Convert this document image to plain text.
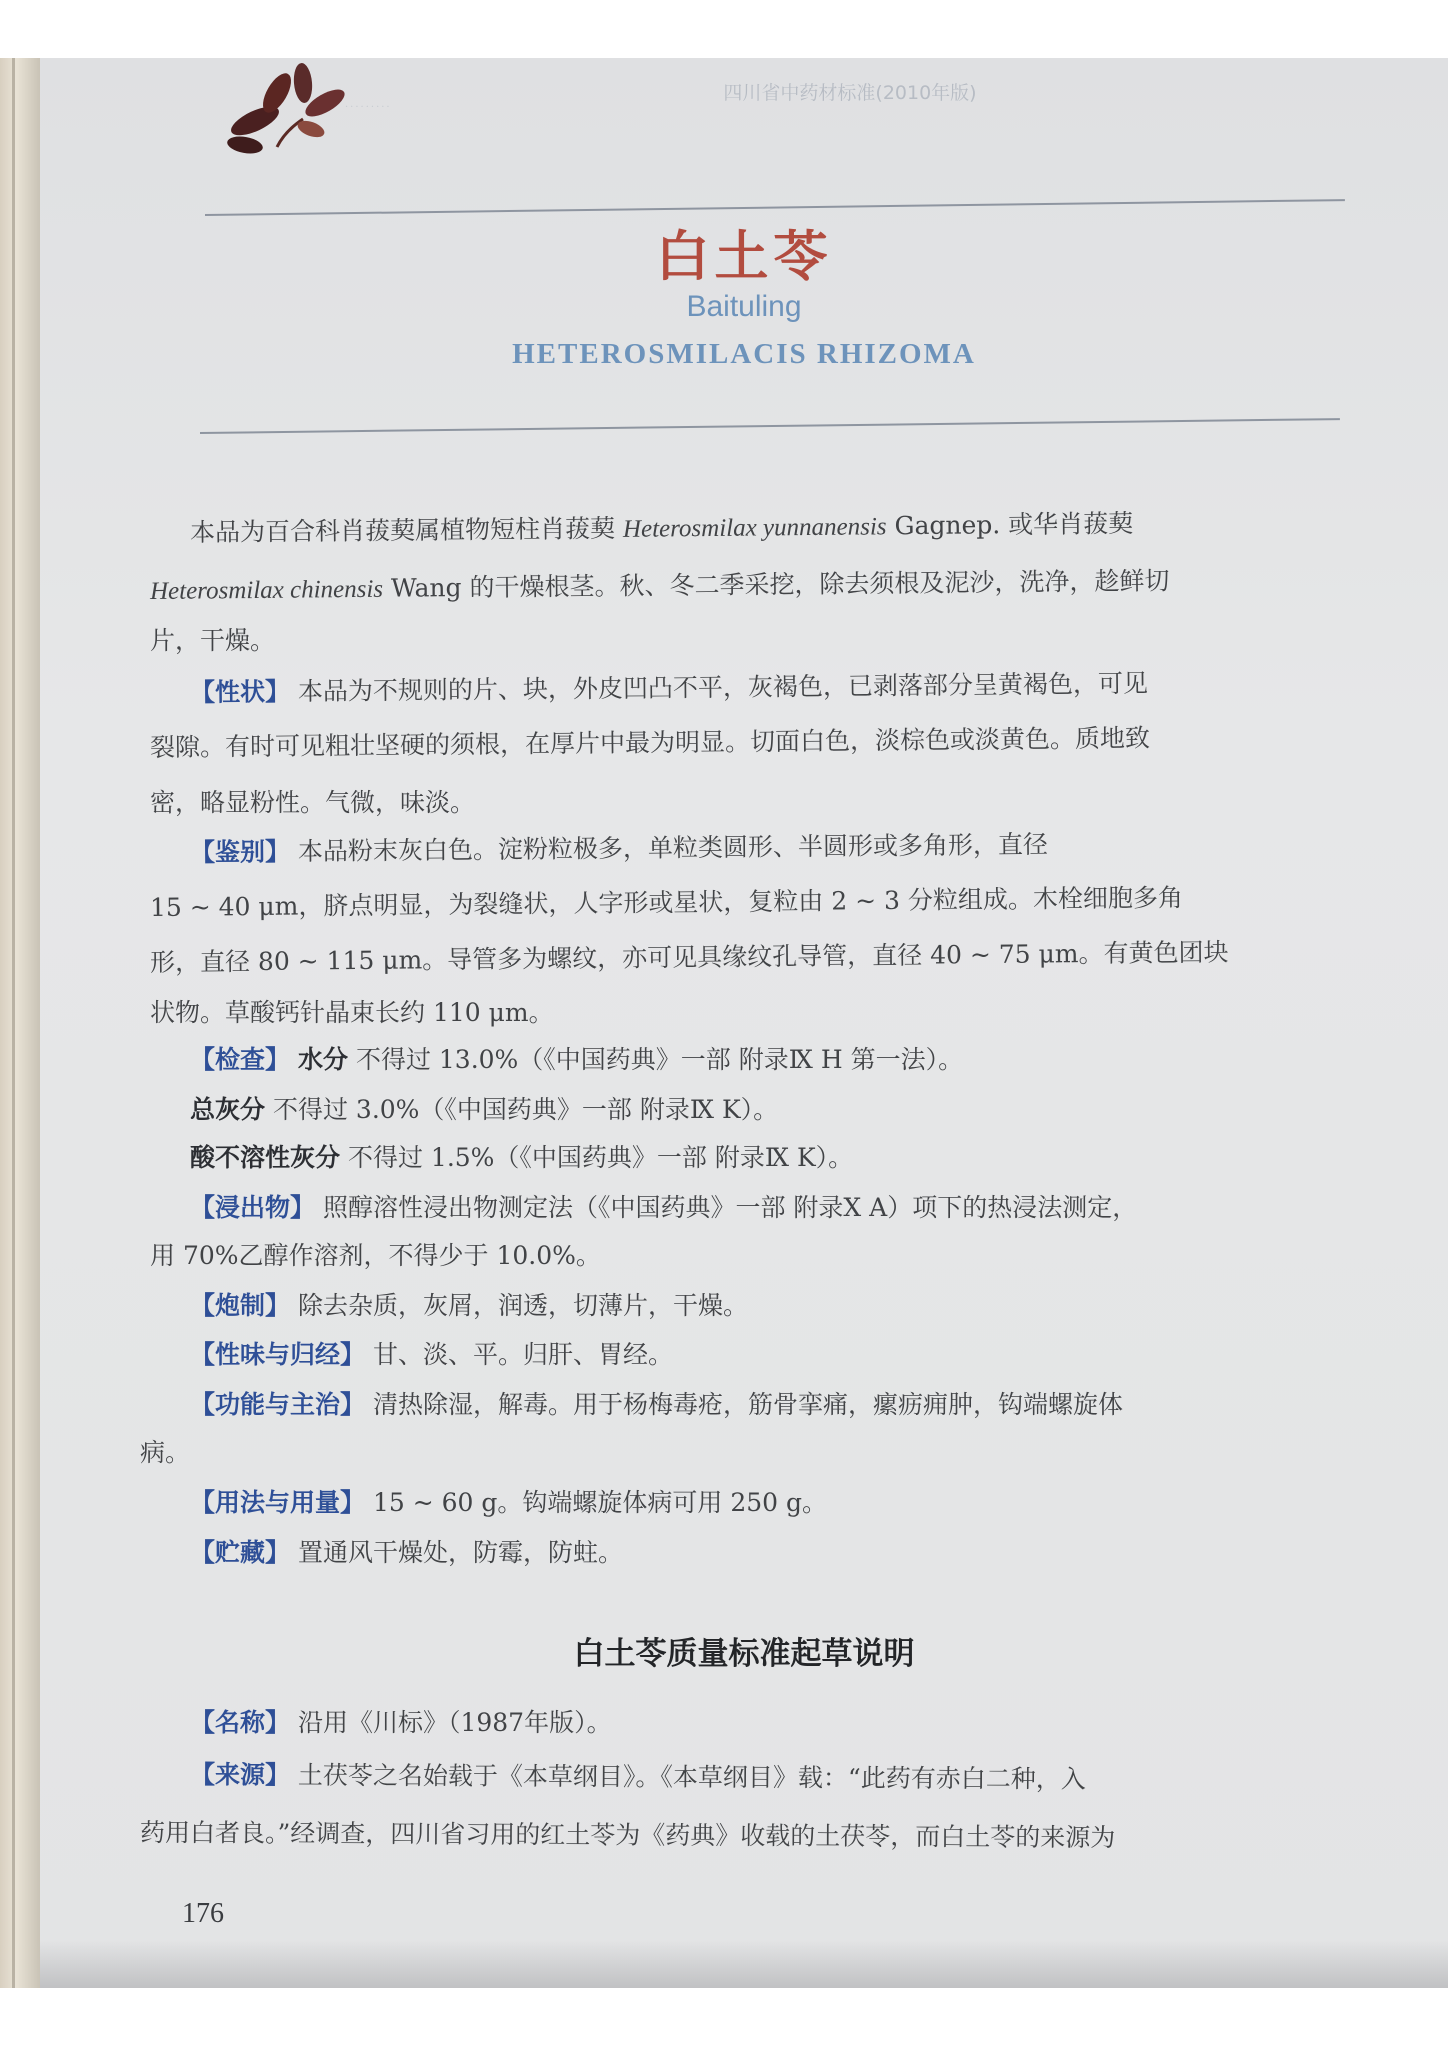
·········
四川省中药材标准(2010年版)
白土苓
Baituling
HETEROSMILACIS RHIZOMA
本品为百合科肖菝葜属植物短柱肖菝葜 Heterosmilax yunnanensis Gagnep. 或华肖菝葜
Heterosmilax chinensis Wang 的干燥根茎。秋、冬二季采挖，除去须根及泥沙，洗净，趁鲜切
片，干燥。
【性状】 本品为不规则的片、块，外皮凹凸不平，灰褐色，已剥落部分呈黄褐色，可见
裂隙。有时可见粗壮坚硬的须根，在厚片中最为明显。切面白色，淡棕色或淡黄色。质地致
密，略显粉性。气微，味淡。
【鉴别】 本品粉末灰白色。淀粉粒极多，单粒类圆形、半圆形或多角形，直径
15 ~ 40 μm，脐点明显，为裂缝状，人字形或星状，复粒由 2 ~ 3 分粒组成。木栓细胞多角
形，直径 80 ~ 115 μm。导管多为螺纹，亦可见具缘纹孔导管，直径 40 ~ 75 μm。有黄色团块
状物。草酸钙针晶束长约 110 μm。
【检查】 水分 不得过 13.0%（《中国药典》一部 附录Ⅸ H 第一法）。
总灰分 不得过 3.0%（《中国药典》一部 附录Ⅸ K）。
酸不溶性灰分 不得过 1.5%（《中国药典》一部 附录Ⅸ K）。
【浸出物】 照醇溶性浸出物测定法（《中国药典》一部 附录X A）项下的热浸法测定，
用 70%乙醇作溶剂，不得少于 10.0%。
【炮制】 除去杂质，灰屑，润透，切薄片，干燥。
【性味与归经】 甘、淡、平。归肝、胃经。
【功能与主治】 清热除湿，解毒。用于杨梅毒疮，筋骨挛痛，瘰疬痈肿，钩端螺旋体
病。
【用法与用量】 15 ~ 60 g。钩端螺旋体病可用 250 g。
【贮藏】 置通风干燥处，防霉，防蛀。
白土苓质量标准起草说明
【名称】 沿用《川标》（1987年版）。
【来源】 土茯苓之名始载于《本草纲目》。《本草纲目》载：“此药有赤白二种，入
药用白者良。”经调查，四川省习用的红土苓为《药典》收载的土茯苓，而白土苓的来源为
176
